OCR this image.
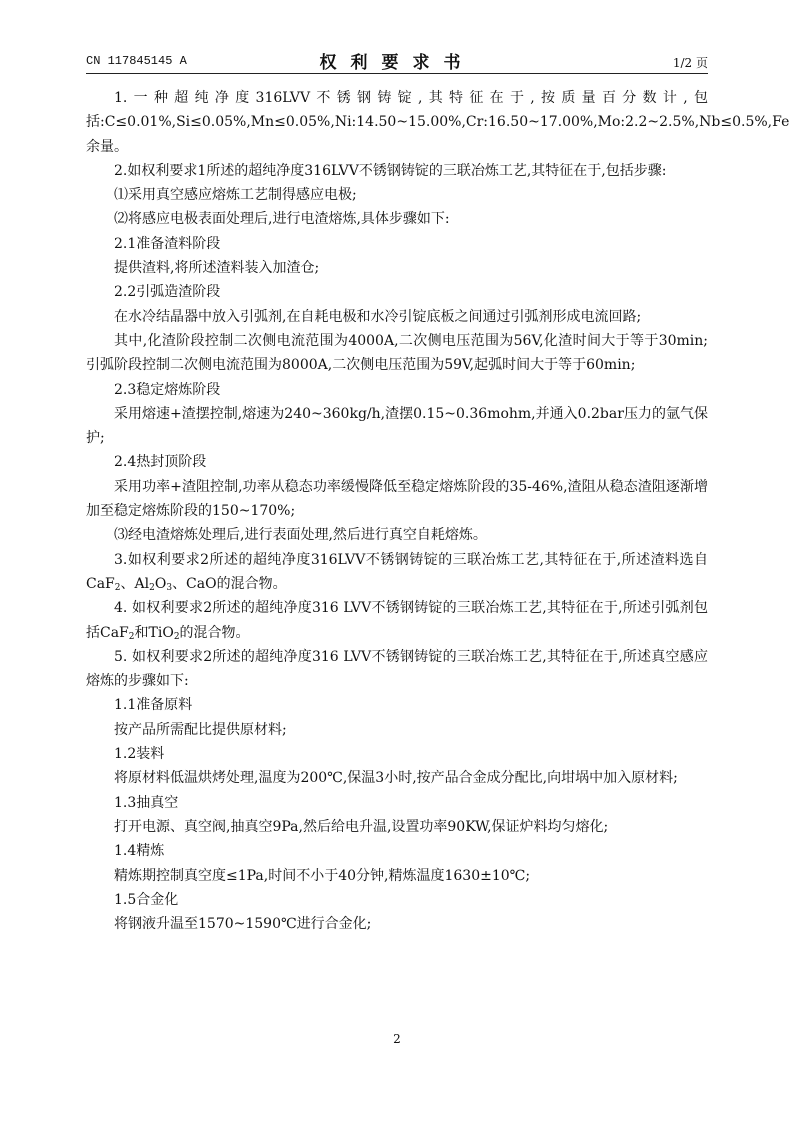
CN 117845145 A	权利要求书	1/2 页

1.一种超纯净度316LVV不锈钢铸锭,其特征在于,按质量百分数计,包括:C≤0.01%,Si≤0.05%,Mn≤0.05%,Ni:14.50~15.00%,Cr:16.50~17.00%,Mo:2.2~2.5%,Nb≤0.5%,Fe余量。

2.如权利要求1所述的超纯净度316LVV不锈钢铸锭的三联冶炼工艺,其特征在于,包括步骤:

⑴采用真空感应熔炼工艺制得感应电极;

⑵将感应电极表面处理后,进行电渣熔炼,具体步骤如下:

2.1准备渣料阶段

提供渣料,将所述渣料装入加渣仓;

2.2引弧造渣阶段

在水冷结晶器中放入引弧剂,在自耗电极和水冷引锭底板之间通过引弧剂形成电流回路;

其中,化渣阶段控制二次侧电流范围为4000A,二次侧电压范围为56V,化渣时间大于等于30min;引弧阶段控制二次侧电流范围为8000A,二次侧电压范围为59V,起弧时间大于等于60min;

2.3稳定熔炼阶段

采用熔速+渣摆控制,熔速为240~360kg/h,渣摆0.15~0.36mohm,并通入0.2bar压力的氩气保护;

2.4热封顶阶段

采用功率+渣阻控制,功率从稳态功率缓慢降低至稳定熔炼阶段的35-46%,渣阻从稳态渣阻逐渐增加至稳定熔炼阶段的150~170%;

⑶经电渣熔炼处理后,进行表面处理,然后进行真空自耗熔炼。

3.如权利要求2所述的超纯净度316LVV不锈钢铸锭的三联冶炼工艺,其特征在于,所述渣料选自CaF$_2$、$Al_2O_3$、CaO的混合物。

4. 如权利要求2所述的超纯净度316 LVV不锈钢铸锭的三联冶炼工艺,其特征在于,所述引弧剂包括CaF$_2$和TiO$_2$的混合物。

5. 如权利要求2所述的超纯净度316 LVV不锈钢铸锭的三联冶炼工艺,其特征在于,所述真空感应熔炼的步骤如下:

1.1准备原料

按产品所需配比提供原材料;

1.2装料

将原材料低温烘烤处理,温度为200℃,保温3小时,按产品合金成分配比,向坩埚中加入原材料;

1.3抽真空

打开电源、真空阀,抽真空9Pa,然后给电升温,设置功率90KW,保证炉料均匀熔化;

1.4精炼

精炼期控制真空度≤1Pa,时间不小于40分钟,精炼温度1630±10℃;

1.5合金化

将钢液升温至1570~1590℃进行合金化;

2
